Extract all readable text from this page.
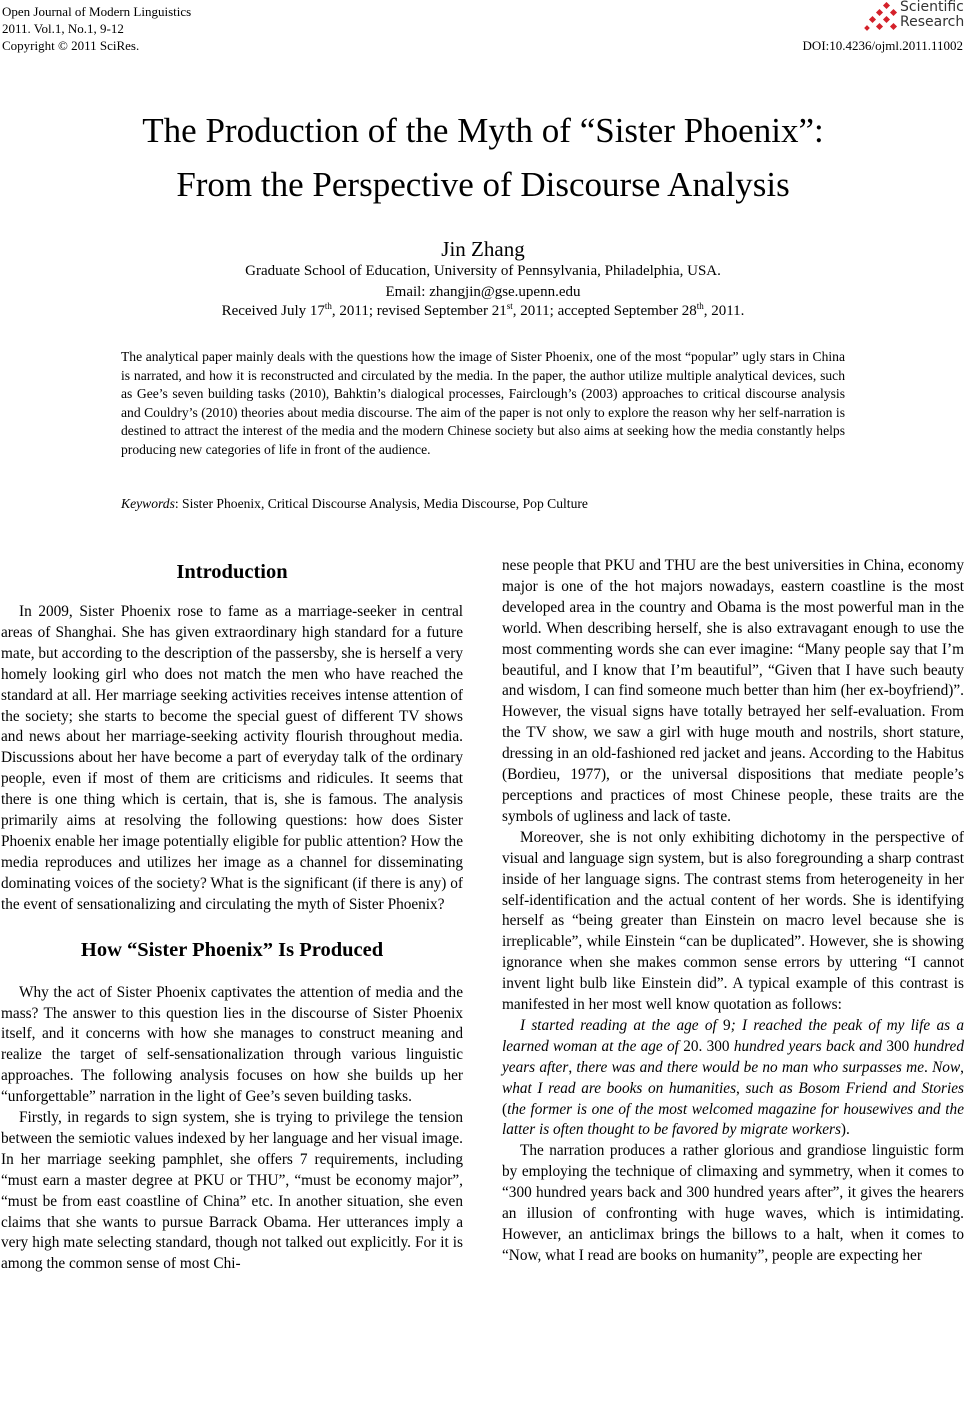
Open Journal of Modern Linguistics
2011. Vol.1, No.1, 9-12
Copyright © 2011 SciRes.	DOI:10.4236/ojml.2011.11002
Scientific
Research
The Production of the Myth of “Sister Phoenix”:
From the Perspective of Discourse Analysis
Jin Zhang
Graduate School of Education, University of Pennsylvania, Philadelphia, USA.
Email: zhangjin@gse.upenn.edu
Received July 17th, 2011; revised September 21st, 2011; accepted September 28th, 2011.

The analytical paper mainly deals with the questions how the image of Sister Phoenix, one of the most “popular” ugly stars in China is narrated, and how it is reconstructed and circulated by the media. In the paper, the author utilize multiple analytical devices, such as Gee’s seven building tasks (2010), Bahktin’s dialogical processes, Fairclough’s (2003) approaches to critical discourse analysis and Couldry’s (2010) theories about media discourse. The aim of the paper is not only to explore the reason why her self-narration is destined to attract the interest of the media and the modern Chinese society but also aims at seeking how the media constantly helps producing new categories of life in front of the audience.

Keywords: Sister Phoenix, Critical Discourse Analysis, Media Discourse, Pop Culture
Introduction

In 2009, Sister Phoenix rose to fame as a marriage-seeker in central areas of Shanghai. She has given extraordinary high standard for a future mate, but according to the description of the passersby, she is herself a very homely looking girl who does not match the men who have reached the standard at all. Her marriage seeking activities receives intense attention of the society; she starts to become the special guest of different TV shows and news about her marriage-seeking activity flourish throughout media. Discussions about her have become a part of everyday talk of the ordinary people, even if most of them are criticisms and ridicules. It seems that there is one thing which is certain, that is, she is famous. The analysis primarily aims at resolving the following questions: how does Sister Phoenix enable her image potentially eligible for public attention? How the media reproduces and utilizes her image as a channel for disseminating dominating voices of the society? What is the significant (if there is any) of the event of sensationalizing and circulating the myth of Sister Phoenix?

How “Sister Phoenix” Is Produced

Why the act of Sister Phoenix captivates the attention of media and the mass? The answer to this question lies in the discourse of Sister Phoenix itself, and it concerns with how she manages to construct meaning and realize the target of self-sensationalization through various linguistic approaches. The following analysis focuses on how she builds up her “unforgettable” narration in the light of Gee’s seven building tasks.

Firstly, in regards to sign system, she is trying to privilege the tension between the semiotic values indexed by her language and her visual image. In her marriage seeking pamphlet, she offers 7 requirements, including “must earn a master degree at PKU or THU”, “must be economy major”, “must be from east coastline of China” etc. In another situation, she even claims that she wants to pursue Barrack Obama. Her utterances imply a very high mate selecting standard, though not talked out explicitly. For it is among the common sense of most Chi-

nese people that PKU and THU are the best universities in China, economy major is one of the hot majors nowadays, eastern coastline is the most developed area in the country and Obama is the most powerful man in the world. When describing herself, she is also extravagant enough to use the most commenting words she can ever imagine: “Many people say that I’m beautiful, and I know that I’m beautiful”, “Given that I have such beauty and wisdom, I can find someone much better than him (her ex-boyfriend)”. However, the visual signs have totally betrayed her self-evaluation. From the TV show, we saw a girl with huge mouth and nostrils, short stature, dressing in an old-fashioned red jacket and jeans. According to the Habitus (Bordieu, 1977), or the universal dispositions that mediate people’s perceptions and practices of most Chinese people, these traits are the symbols of ugliness and lack of taste.

Moreover, she is not only exhibiting dichotomy in the perspective of visual and language sign system, but is also foregrounding a sharp contrast inside of her language signs. The contrast stems from heterogeneity in her self-identification and the actual content of her words. She is identifying herself as “being greater than Einstein on macro level because she is irreplicable”, while Einstein “can be duplicated”. However, she is showing ignorance when she makes common sense errors by uttering “I cannot invent light bulb like Einstein did”. A typical example of this contrast is manifested in her most well know quotation as follows:

I started reading at the age of 9; I reached the peak of my life as a learned woman at the age of 20. 300 hundred years back and 300 hundred years after, there was and there would be no man who surpasses me. Now, what I read are books on humanities, such as Bosom Friend and Stories (the former is one of the most welcomed magazine for housewives and the latter is often thought to be favored by migrate workers).

The narration produces a rather glorious and grandiose linguistic form by employing the technique of climaxing and symmetry, when it comes to “300 hundred years back and 300 hundred years after”, it gives the hearers an illusion of confronting with huge waves, which is intimidating. However, an anticlimax brings the billows to a halt, when it comes to “Now, what I read are books on humanity”, people are expecting her
